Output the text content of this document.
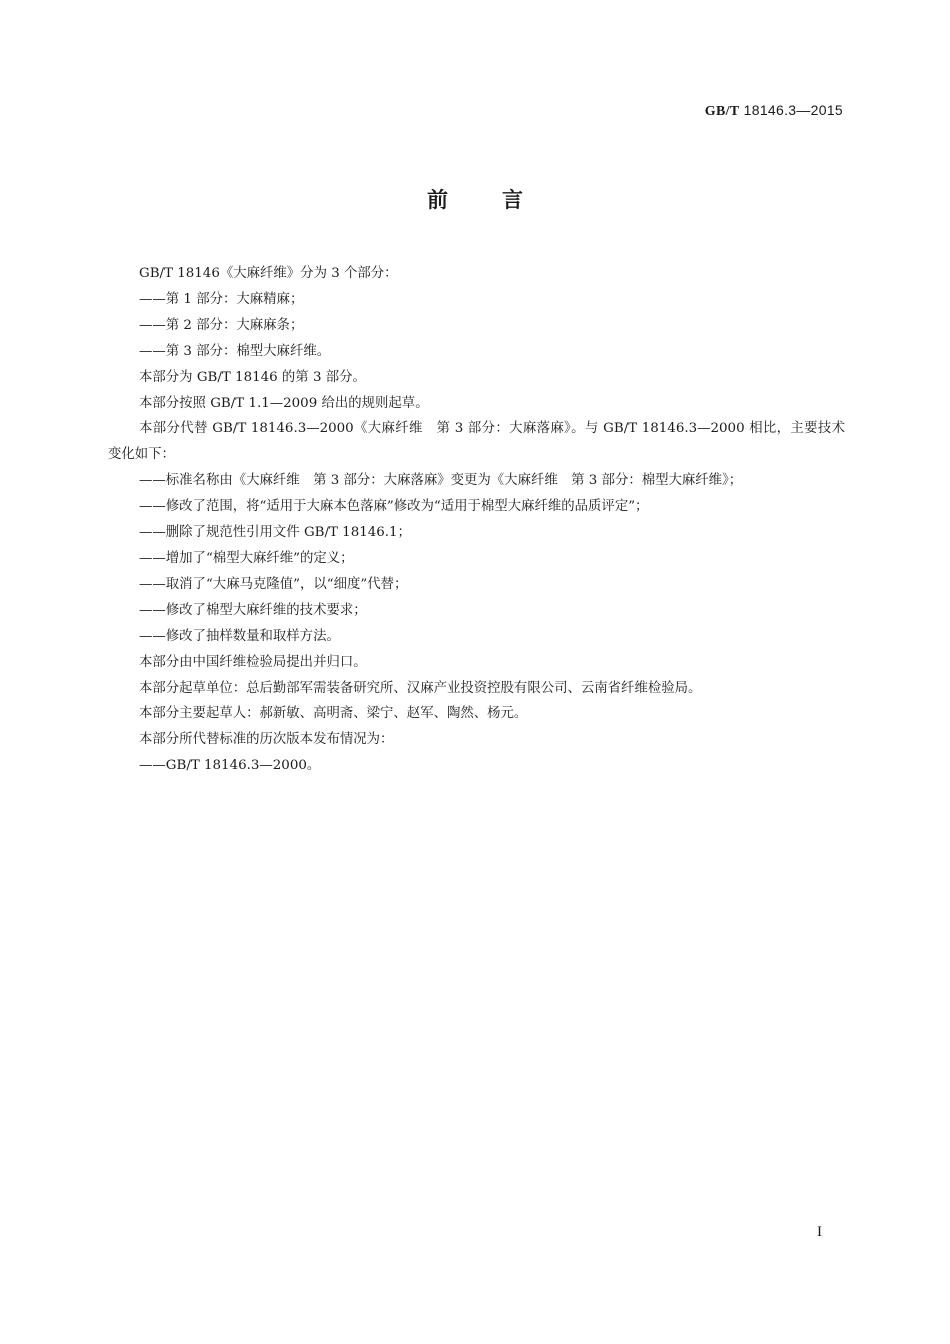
GB/T 18146.3—2015
前言

GB/T 18146《大麻纤维》分为 3 个部分：

——第 1 部分：大麻精麻；

——第 2 部分：大麻麻条；

——第 3 部分：棉型大麻纤维。

本部分为 GB/T 18146 的第 3 部分。

本部分按照 GB/T 1.1—2009 给出的规则起草。

本部分代替 GB/T 18146.3—2000《大麻纤维　第 3 部分：大麻落麻》。与 GB/T 18146.3—2000 相比，主要技术变化如下：

——标准名称由《大麻纤维　第 3 部分：大麻落麻》变更为《大麻纤维　第 3 部分：棉型大麻纤维》；

——修改了范围，将“适用于大麻本色落麻”修改为“适用于棉型大麻纤维的品质评定”；

——删除了规范性引用文件 GB/T 18146.1；

——增加了“棉型大麻纤维”的定义；

——取消了“大麻马克隆值”，以“细度”代替；

——修改了棉型大麻纤维的技术要求；

——修改了抽样数量和取样方法。

本部分由中国纤维检验局提出并归口。

本部分起草单位：总后勤部军需装备研究所、汉麻产业投资控股有限公司、云南省纤维检验局。

本部分主要起草人：郝新敏、高明斋、梁宁、赵军、陶然、杨元。

本部分所代替标准的历次版本发布情况为：

——GB/T 18146.3—2000。

I
